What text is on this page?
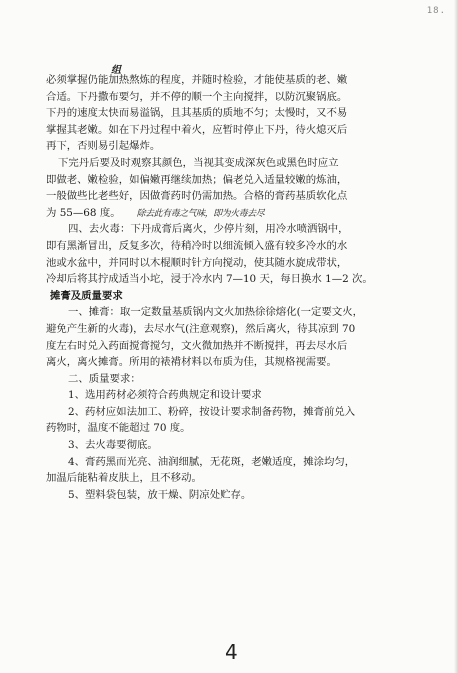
18.
组
必须掌握仍能加热熬炼的程度，并随时检验，才能使基质的老、嫩
合适。下丹撒布要匀，并不停的顺一个主向搅拌，以防沉聚锅底。
下丹的速度太快而易溢锅，且其基质的质地不匀；太慢时，又不易
掌握其老嫩。如在下丹过程中着火，应暂时停止下丹，待火熄灭后
再下，否则易引起爆炸。
下完丹后要及时观察其颜色，当视其变成深灰色或黑色时应立
即做老、嫩检验，如偏嫩再继续加热；偏老兑入适量较嫩的炼油，
一般做些比老些好，因做膏药时仍需加热。合格的膏药基质软化点
为 55—68 度。 除去此有毒之气味，即为火毒去尽
四、去火毒：下丹成膏后离火，少停片刻，用冷水喷洒锅中，
即有黑渐冒出，反复多次，待稍冷时以细流倾入盛有较多冷水的水
池或水盆中，并同时以木棍顺时针方向搅动，使其随水旋成带状，
冷却后将其拧成适当小坨，浸于冷水内 7—10 天，每日换水 1—2 次。
摊膏及质量要求
一、摊膏：取一定数量基质锅内文火加热徐徐熔化(一定要文火，
避免产生新的火毒)，去尽水气(注意观察)，然后离火，待其凉到 70
度左右时兑入药面搅膏搅匀，文火微加热并不断搅拌，再去尽水后
离火，离火摊膏。所用的裱褙材料以布质为佳，其规格视需要。
二、质量要求：
1、选用药材必须符合药典规定和设计要求
2、药材应如法加工、粉碎，按设计要求制备药物，摊膏前兑入
药物时，温度不能超过 70 度。
3、去火毒要彻底。
4、膏药黑而光亮、油润细腻，无花斑，老嫩适度，摊涂均匀，
加温后能粘着皮肤上，且不移动。
5、塑料袋包装，放干燥、阴凉处贮存。
4
